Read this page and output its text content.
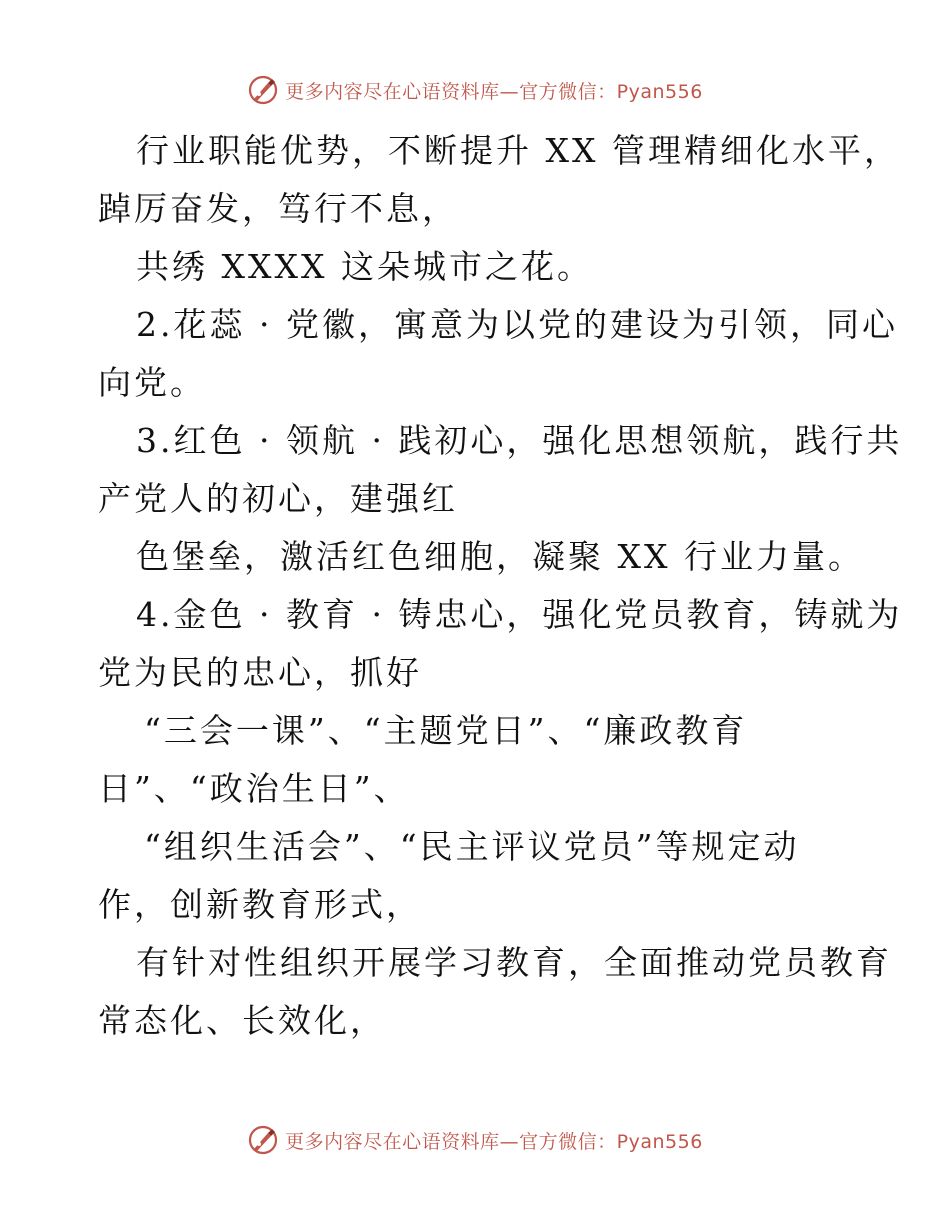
更多内容尽在心语资料库—官方微信：Pyan556
行业职能优势，不断提升 XX 管理精细化水平，
踔厉奋发，笃行不息，
共绣 XXXX 这朵城市之花。
2.花蕊 · 党徽，寓意为以党的建设为引领，同心
向党。
3.红色 · 领航 · 践初心，强化思想领航，践行共
产党人的初心，建强红
色堡垒，激活红色细胞，凝聚 XX 行业力量。
4.金色 · 教育 · 铸忠心，强化党员教育，铸就为
党为民的忠心，抓好
“三会一课”、“主题党日”、“廉政教育
日”、“政治生日”、
“组织生活会”、“民主评议党员”等规定动
作，创新教育形式，
有针对性组织开展学习教育，全面推动党员教育
常态化、长效化，
更多内容尽在心语资料库—官方微信：Pyan556
